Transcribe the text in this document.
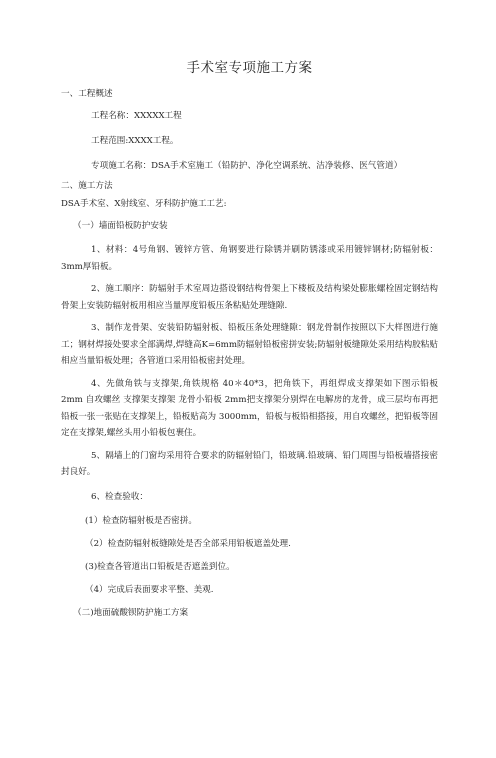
手术室专项施工方案

一、工程概述

工程名称：XXXXX工程

工程范围:XXXX工程。

专项施工名称：DSA手术室施工（铅防护、净化空调系统、洁净装修、医气管道）

二、施工方法

DSA手术室、X射线室、牙科防护施工工艺:

（一）墙面铅板防护安装

1、材料：4号角钢、镀锌方管、角钢要进行除锈并刷防锈漆或采用镀锌钢材;防辐射板：3mm厚铅板。

2、施工顺序：防辐射手术室周边搭设钢结构骨架上下楼板及结构梁处膨胀螺栓固定钢结构骨架上安装防辐射板用相应当量厚度铅板压条粘贴处理缝隙.

3、制作龙骨架、安装铅防辐射板、铅板压条处理缝隙：钢龙骨制作按照以下大样图进行施工；钢材焊接处要求全部满焊,焊缝高K=6mm防辐射铅板密拼安装;防辐射板缝隙处采用结构胶粘贴相应当量铅板处理；各管道口采用铅板密封处理。

4、先做角铁与支撑架,角铁规格 40＊40*3，把角铁下，再组焊成支撑架如下图示铅板2mm 自攻螺丝 支撑架支撑架 龙骨小铅板 2mm把支撑架分别焊在电解房的龙骨，成三层均布再把铅板一张一张贴在支撑架上，铅板贴高为 3000mm，铅板与板铅相搭接，用自攻螺丝，把铅板等固定在支撑架,螺丝头用小铅板包裹住。

5、隔墙上的门窗均采用符合要求的防辐射铅门，铅玻璃.铅玻璃、铅门周围与铅板墙搭接密封良好。

6、检查验收：

(1）检查防辐射板是否密拼。

（2）检查防辐射板缝隙处是否全部采用铅板遮盖处理.

(3)检查各管道出口铅板是否遮盖到位。

（4）完成后表面要求平整、美观.

（二)地面硫酸钡防护施工方案
